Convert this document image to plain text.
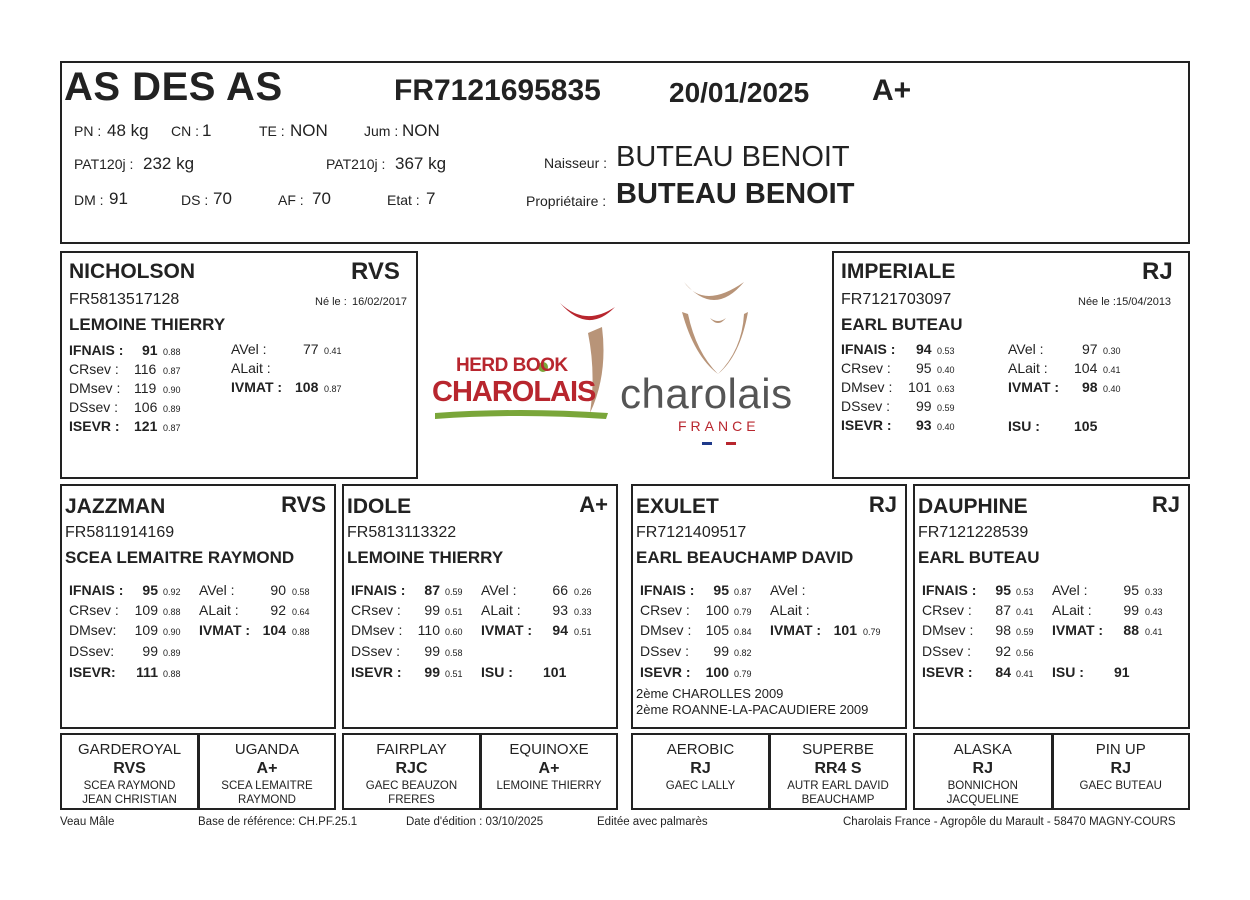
AS DES AS	FR7121695835 20/01/2025 A+
PN : 48 kg CN : 1	TE : NON	Jum : NON
PAT120j : 232 kg	PAT210j : 367 kg	Naisseur : BUTEAU BENOIT
DM : 91	DS : 70	AF : 70	Etat : 7	Propriétaire : BUTEAU BENOIT
NICHOLSON	RVS
FR5813517128	Né le : 16/02/2017
LEMOINE THIERRY
IFNAIS : 91 0.88
CRsev : 116 0.87
DMsev : 119 0.90
DSsev : 106 0.89
ISEVR : 121 0.87
AVel :	77 0.41
ALait :
IVMAT : 108 0.87
HERD BOOK
CHAROLAIS charolais
FRANCE
IMPERIALE	RJ
FR7121703097	Née le : 15/04/2013
EARL BUTEAU
IFNAIS : 94 0.53
CRsev : 95 0.40
DMsev : 101 0.63
DSsev : 99 0.59
ISEVR : 93 0.40
AVel :	97 0.30
ALait : 104 0.41
IVMAT : 98 0.40
ISU : 105
JAZZMAN	RVS
FR5811914169
SCEA LEMAITRE RAYMOND
IFNAIS : 95 0.92
CRsev : 109 0.88
DMsev: 109 0.90
DSsev: 99 0.89
ISEVR: 111 0.88
AVel :	90 0.58
ALait : 92 0.64
IVMAT : 104 0.88
IDOLE	A+
FR5813113322
LEMOINE THIERRY
IFNAIS : 87 0.59
CRsev : 99 0.51
DMsev : 110 0.60
DSsev : 99 0.58
ISEVR : 99 0.51
AVel :	66 0.26
ALait : 93 0.33
IVMAT : 94 0.51
ISU : 101
EXULET	RJ
FR7121409517
EARL BEAUCHAMP DAVID
IFNAIS : 95 0.87
CRsev : 100 0.79
DMsev : 105 0.84
DSsev : 99 0.82
ISEVR : 100 0.79
AVel :
ALait :
IVMAT : 101 0.79
2ème CHAROLLES 2009
2ème ROANNE-LA-PACAUDIERE 2009
DAUPHINE	RJ
FR7121228539
EARL BUTEAU
IFNAIS : 95 0.53
CRsev : 87 0.41
DMsev : 98 0.59
DSsev : 92 0.56
ISEVR : 84 0.41
AVel :	95 0.33
ALait : 99 0.43
IVMAT : 88 0.41
ISU : 91
GARDEROYAL
RVS
SCEA RAYMOND
JEAN CHRISTIAN
UGANDA
A+
SCEA LEMAITRE
RAYMOND
FAIRPLAY
RJC
GAEC BEAUZON
FRERES
EQUINOXE
A+
LEMOINE THIERRY
AEROBIC
RJ
GAEC LALLY
SUPERBE
RR4 S
AUTR EARL DAVID
BEAUCHAMP
ALASKA
RJ
BONNICHON
JACQUELINE
PIN UP
RJ
GAEC BUTEAU
Veau Mâle	Base de référence: CH.PF.25.1	Date d'édition : 03/10/2025	Editée avec palmarès	Charolais France - Agropôle du Marault - 58470 MAGNY-COURS
